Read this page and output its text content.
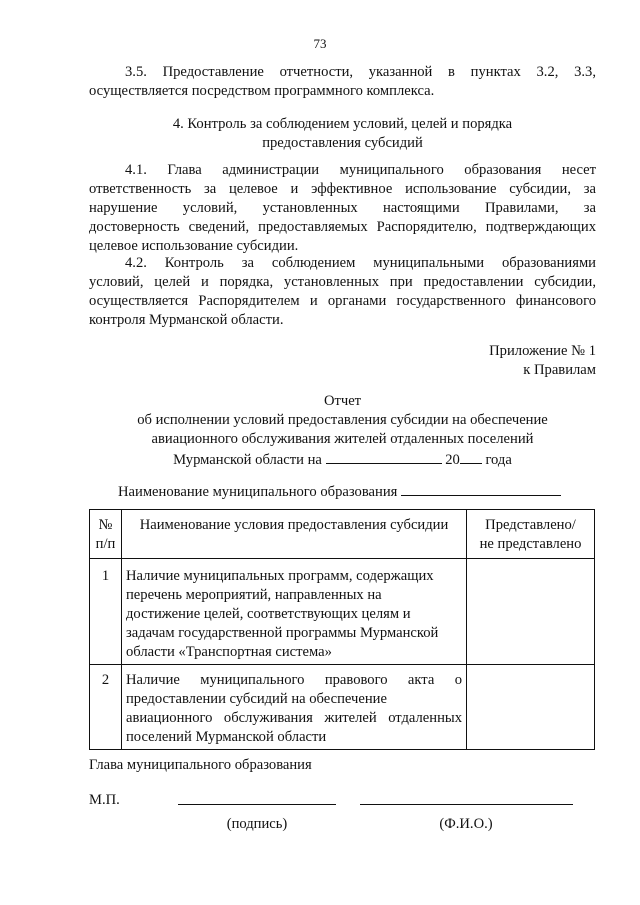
73
3.5. Предоставление отчетности, указанной в пунктах 3.2, 3.3,
осуществляется посредством программного комплекса.
4. Контроль за соблюдением условий, целей и порядка
предоставления субсидий
4.1. Глава администрации муниципального образования несет
ответственность за целевое и эффективное использование субсидии, за
нарушение условий, установленных настоящими Правилами, за
достоверность сведений, предоставляемых Распорядителю, подтверждающих
целевое использование субсидии.
4.2. Контроль за соблюдением муниципальными образованиями
условий, целей и порядка, установленных при предоставлении субсидии,
осуществляется Распорядителем и органами государственного финансового
контроля Мурманской области.
Приложение № 1
к Правилам
Отчет
об исполнении условий предоставления субсидии на обеспечение
авиационного обслуживания жителей отдаленных поселений
Мурманской области на	20 года
Наименование муниципального образования
№
п/п	Наименование условия предоставления субсидии	Представлено/
не представлено

1	Наличие муниципальных программ, содержащих
перечень мероприятий, направленных на
достижение целей, соответствующих целям и
задачам государственной программы Мурманской
области «Транспортная система»	

2	Наличие муниципального правового акта о
предоставлении субсидий на обеспечение
авиационного обслуживания жителей отдаленных
поселений Мурманской области	

Глава муниципального образования
М.П.
(подпись)	(Ф.И.О.)
